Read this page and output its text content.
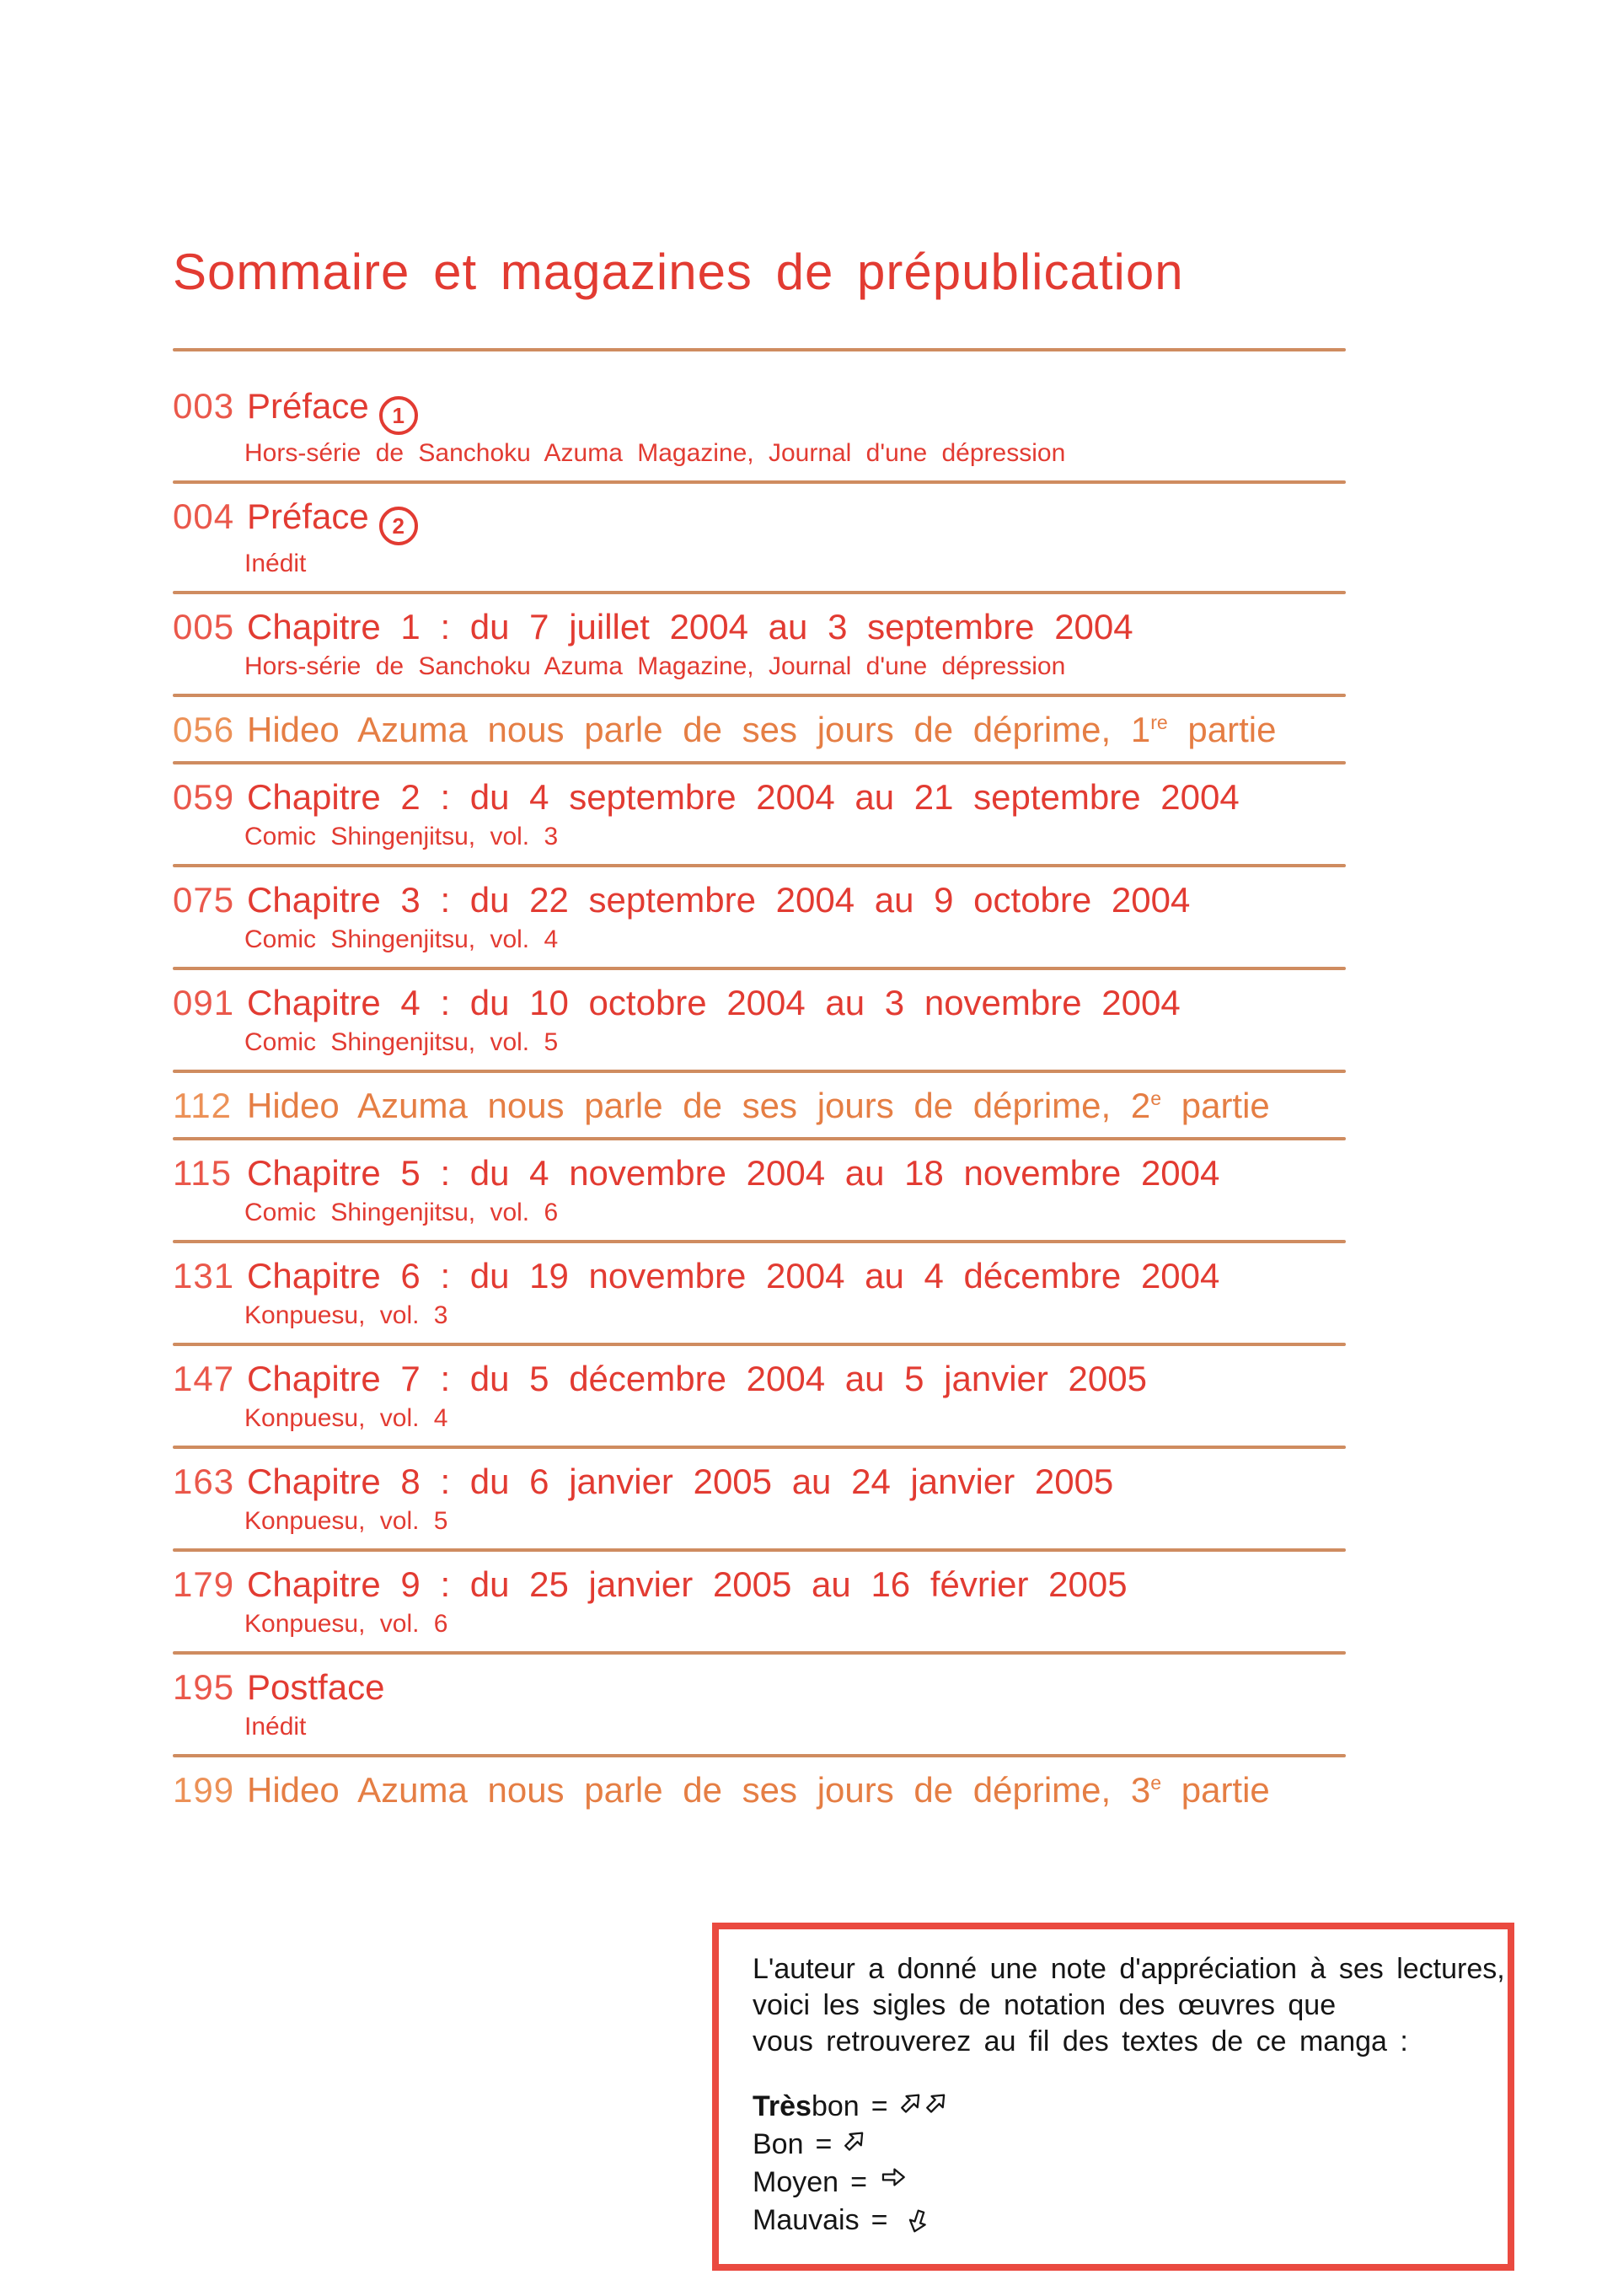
Sommaire et magazines de prépublication
003 Préface 1
Hors-série de Sanchoku Azuma Magazine, Journal d'une dépression
004 Préface 2
Inédit
005 Chapitre 1 : du 7 juillet 2004 au 3 septembre 2004
Hors-série de Sanchoku Azuma Magazine, Journal d'une dépression
056 Hideo Azuma nous parle de ses jours de déprime, 1re partie
059 Chapitre 2 : du 4 septembre 2004 au 21 septembre 2004
Comic Shingenjitsu, vol. 3
075 Chapitre 3 : du 22 septembre 2004 au 9 octobre 2004
Comic Shingenjitsu, vol. 4
091 Chapitre 4 : du 10 octobre 2004 au 3 novembre 2004
Comic Shingenjitsu, vol. 5
112 Hideo Azuma nous parle de ses jours de déprime, 2e partie
115 Chapitre 5 : du 4 novembre 2004 au 18 novembre 2004
Comic Shingenjitsu, vol. 6
131 Chapitre 6 : du 19 novembre 2004 au 4 décembre 2004
Konpuesu, vol. 3
147 Chapitre 7 : du 5 décembre 2004 au 5 janvier 2005
Konpuesu, vol. 4
163 Chapitre 8 : du 6 janvier 2005 au 24 janvier 2005
Konpuesu, vol. 5
179 Chapitre 9 : du 25 janvier 2005 au 16 février 2005
Konpuesu, vol. 6
195 Postface
Inédit
199 Hideo Azuma nous parle de ses jours de déprime, 3e partie
L'auteur a donné une note d'appréciation à ses lectures,
voici les sigles de notation des œuvres que
vous retrouverez au fil des textes de ce manga :
Très bon =
Bon =
Moyen =
Mauvais =
